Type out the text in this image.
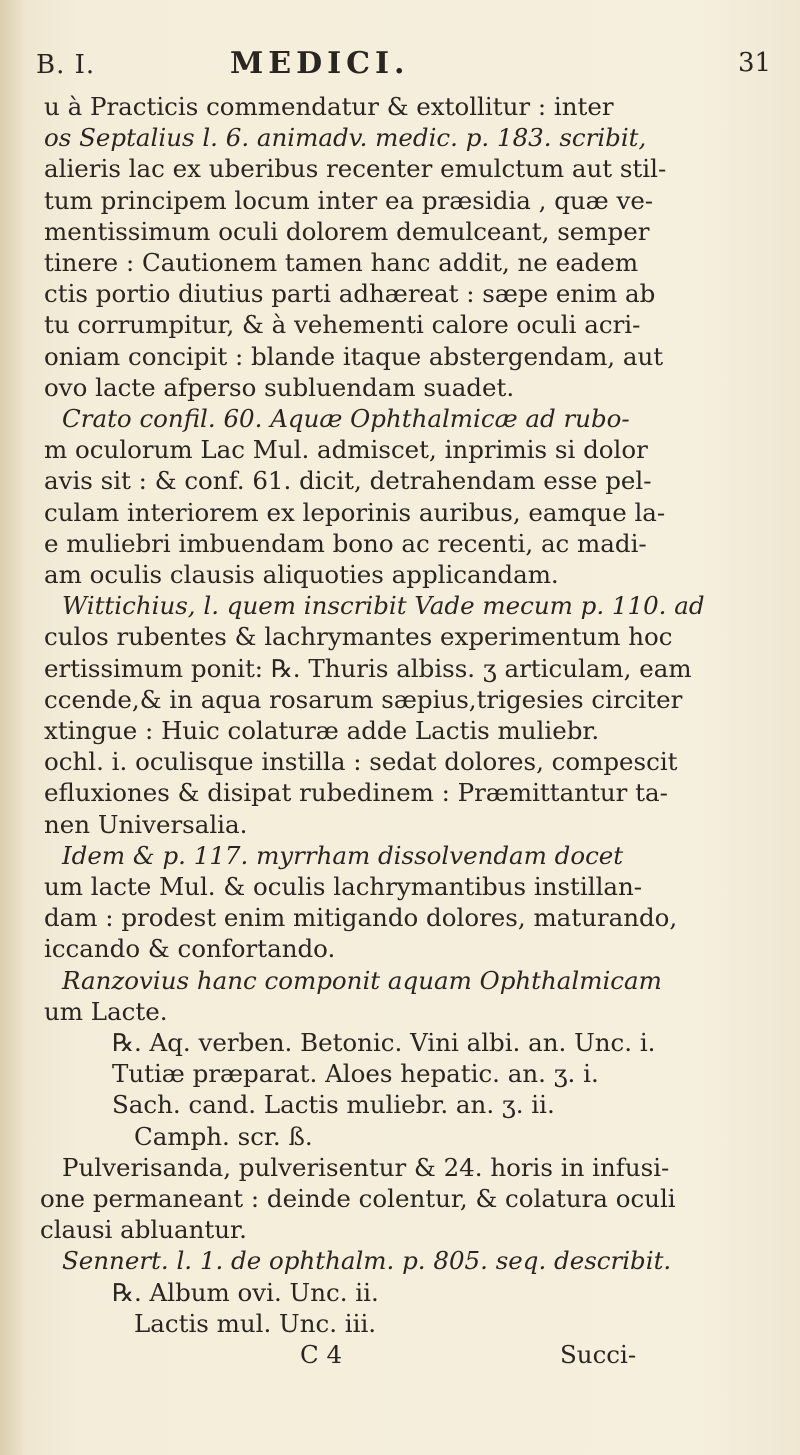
B. I.	MEDICI.	31
u à Practicis commendatur & extollitur : inter
os Septalius l. 6. animadv. medic. p. 183. scribit,
alieris lac ex uberibus recenter emulctum aut stil-
tum principem locum inter ea præsidia , quæ ve-
mentissimum oculi dolorem demulceant, semper
tinere : Cautionem tamen hanc addit, ne eadem
ctis portio diutius parti adhæreat : sæpe enim ab
tu corrumpitur, & à vehementi calore oculi acri-
oniam concipit : blande itaque abstergendam, aut
ovo lacte afperso subluendam suadet.
Crato confil. 60. Aquæ Ophthalmicæ ad rubo-
m oculorum Lac Mul. admiscet, inprimis si dolor
avis sit : & conf. 61. dicit, detrahendam esse pel-
culam interiorem ex leporinis auribus, eamque la-
e muliebri imbuendam bono ac recenti, ac madi-
am oculis clausis aliquoties applicandam.
Wittichius, l. quem inscribit Vade mecum p. 110. ad
culos rubentes & lachrymantes experimentum hoc
ertissimum ponit: ℞. Thuris albiss. ʒ articulam, eam
ccende,& in aqua rosarum sæpius,trigesies circiter
xtingue : Huic colaturæ adde Lactis muliebr.
ochl. i. oculisque instilla : sedat dolores, compescit
efluxiones & disipat rubedinem : Præmittantur ta-
nen Universalia.
Idem & p. 117. myrrham dissolvendam docet
um lacte Mul. & oculis lachrymantibus instillan-
dam : prodest enim mitigando dolores, maturando,
iccando & confortando.
Ranzovius hanc componit aquam Ophthalmicam
um Lacte.
℞. Aq. verben. Betonic. Vini albi. an. Unc. i.
Tutiæ præparat. Aloes hepatic. an. ʒ. i.
Sach. cand. Lactis muliebr. an. ʒ. ii.
Camph. scr. ß.
Pulverisanda, pulverisentur & 24. horis in infusi-
one permaneant : deinde colentur, & colatura oculi
clausi abluantur.
Sennert. l. 1. de ophthalm. p. 805. seq. describit.
℞. Album ovi. Unc. ii.
Lactis mul. Unc. iii.
C 4	Succi-
